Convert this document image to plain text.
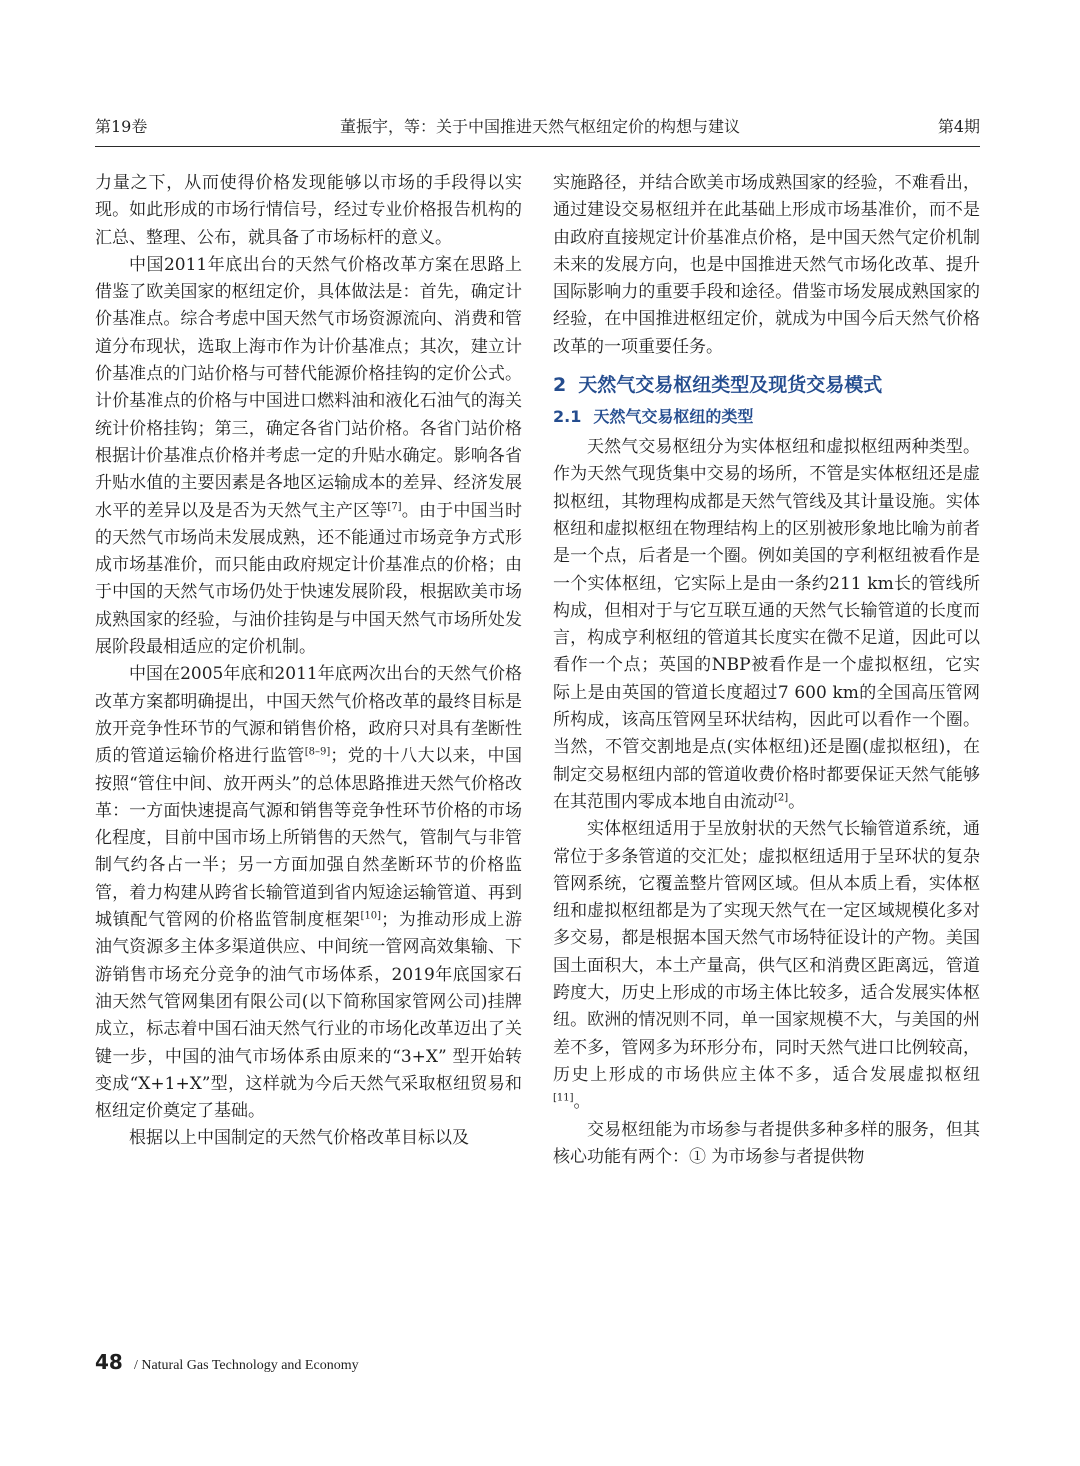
第19卷	董振宇，等：关于中国推进天然气枢纽定价的构想与建议	第4期

力量之下，从而使得价格发现能够以市场的手段得以实现。如此形成的市场行情信号，经过专业价格报告机构的汇总、整理、公布，就具备了市场标杆的意义。

中国2011年底出台的天然气价格改革方案在思路上借鉴了欧美国家的枢纽定价，具体做法是：首先，确定计价基准点。综合考虑中国天然气市场资源流向、消费和管道分布现状，选取上海市作为计价基准点；其次，建立计价基准点的门站价格与可替代能源价格挂钩的定价公式。计价基准点的价格与中国进口燃料油和液化石油气的海关统计价格挂钩；第三，确定各省门站价格。各省门站价格根据计价基准点价格并考虑一定的升贴水确定。影响各省升贴水值的主要因素是各地区运输成本的差异、经济发展水平的差异以及是否为天然气主产区等[7]。由于中国当时的天然气市场尚未发展成熟，还不能通过市场竞争方式形成市场基准价，而只能由政府规定计价基准点的价格；由于中国的天然气市场仍处于快速发展阶段，根据欧美市场成熟国家的经验，与油价挂钩是与中国天然气市场所处发展阶段最相适应的定价机制。

中国在2005年底和2011年底两次出台的天然气价格改革方案都明确提出，中国天然气价格改革的最终目标是放开竞争性环节的气源和销售价格，政府只对具有垄断性质的管道运输价格进行监管[8–9]；党的十八大以来，中国按照“管住中间、放开两头”的总体思路推进天然气价格改革：一方面快速提高气源和销售等竞争性环节价格的市场化程度，目前中国市场上所销售的天然气，管制气与非管制气约各占一半；另一方面加强自然垄断环节的价格监管，着力构建从跨省长输管道到省内短途运输管道、再到城镇配气管网的价格监管制度框架[10]；为推动形成上游油气资源多主体多渠道供应、中间统一管网高效集输、下游销售市场充分竞争的油气市场体系，2019年底国家石油天然气管网集团有限公司(以下简称国家管网公司)挂牌成立，标志着中国石油天然气行业的市场化改革迈出了关键一步，中国的油气市场体系由原来的“3+X” 型开始转变成“X+1+X”型，这样就为今后天然气采取枢纽贸易和枢纽定价奠定了基础。

根据以上中国制定的天然气价格改革目标以及

实施路径，并结合欧美市场成熟国家的经验，不难看出，通过建设交易枢纽并在此基础上形成市场基准价，而不是由政府直接规定计价基准点价格，是中国天然气定价机制未来的发展方向，也是中国推进天然气市场化改革、提升国际影响力的重要手段和途径。借鉴市场发展成熟国家的经验，在中国推进枢纽定价，就成为中国今后天然气价格改革的一项重要任务。

2 天然气交易枢纽类型及现货交易模式

2.1 天然气交易枢纽的类型

天然气交易枢纽分为实体枢纽和虚拟枢纽两种类型。作为天然气现货集中交易的场所，不管是实体枢纽还是虚拟枢纽，其物理构成都是天然气管线及其计量设施。实体枢纽和虚拟枢纽在物理结构上的区别被形象地比喻为前者是一个点，后者是一个圈。例如美国的亨利枢纽被看作是一个实体枢纽，它实际上是由一条约211 km长的管线所构成，但相对于与它互联互通的天然气长输管道的长度而言，构成亨利枢纽的管道其长度实在微不足道，因此可以看作一个点；英国的NBP被看作是一个虚拟枢纽，它实际上是由英国的管道长度超过7 600 km的全国高压管网所构成，该高压管网呈环状结构，因此可以看作一个圈。当然，不管交割地是点(实体枢纽)还是圈(虚拟枢纽)，在制定交易枢纽内部的管道收费价格时都要保证天然气能够在其范围内零成本地自由流动[2]。

实体枢纽适用于呈放射状的天然气长输管道系统，通常位于多条管道的交汇处；虚拟枢纽适用于呈环状的复杂管网系统，它覆盖整片管网区域。但从本质上看，实体枢纽和虚拟枢纽都是为了实现天然气在一定区域规模化多对多交易，都是根据本国天然气市场特征设计的产物。美国国土面积大，本土产量高，供气区和消费区距离远，管道跨度大，历史上形成的市场主体比较多，适合发展实体枢纽。欧洲的情况则不同，单一国家规模不大，与美国的州差不多，管网多为环形分布，同时天然气进口比例较高，历史上形成的市场供应主体不多，适合发展虚拟枢纽[11]。

交易枢纽能为市场参与者提供多种多样的服务，但其核心功能有两个：① 为市场参与者提供物

48 / Natural Gas Technology and Economy
